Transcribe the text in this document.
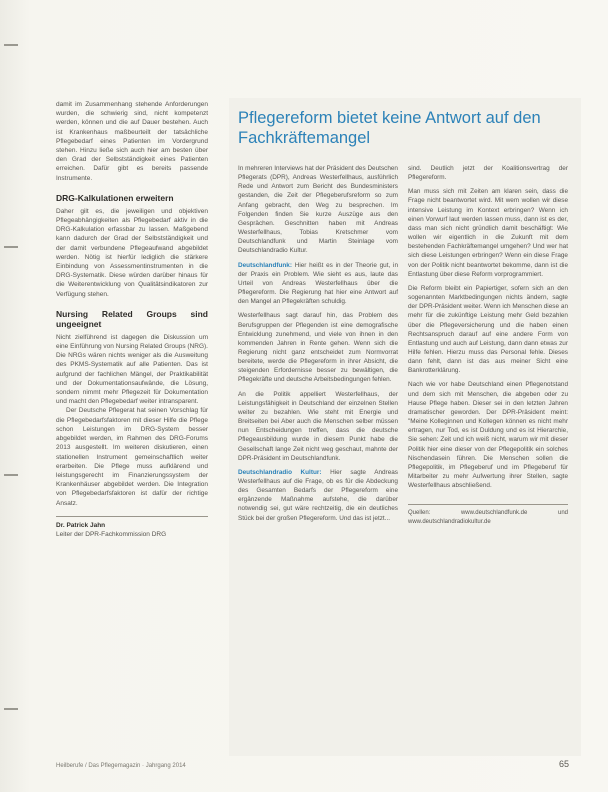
damit im Zusammenhang stehende Anforderungen wurden, die schwierig sind, nicht kompetenzt werden, können und die auf Dauer bestehen. Auch ist Krankenhaus maßbeurteilt der tatsächliche Pflegebedarf eines Patienten im Vordergrund stehen. Hinzu ließe sich auch hier am besten über den Grad der Selbstständigkeit eines Patienten erreichen. Dafür gibt es bereits passende Instrumente.

DRG-Kalkulationen erweitern

Daher gilt es, die jeweiligen und objektiven Pflegeabhängigkeiten als Pflegebedarf aktiv in die DRG-Kalkulation erfassbar zu lassen. Maßgebend kann dadurch der Grad der Selbstständigkeit und der damit verbundene Pflegeaufwand abgebildet werden. Nötig ist hierfür lediglich die stärkere Einbindung von Assessmentinstrumenten in die DRG-Systematik. Diese würden darüber hinaus für die Weiterentwicklung von Qualitätsindikatoren zur Verfügung stehen.

Nursing Related Groups sind ungeeignet

Nicht zielführend ist dagegen die Diskussion um eine Einführung von Nursing Related Groups (NRG). Die NRGs wären nichts weniger als die Ausweitung des PKMS-Systematik auf alle Patienten. Das ist aufgrund der fachlichen Mängel, der Praktikabilität und der Dokumentationsaufwände, die Lösung, sondern nimmt mehr Pflegezeit für Dokumentation und macht den Pflegebedarf weiter intransparent.

Der Deutsche Pflegerat hat seinen Vorschlag für die Pflegebedarfsfaktoren mit dieser Hilfe die Pflege schon Leistungen im DRG-System besser abgebildet werden, im Rahmen des DRG-Forums 2013 ausgestellt. Im weiteren diskutieren, einen stationellen Instrument gemeinschaftlich weiter erarbeiten. Die Pflege muss aufklärend und leistungsgerecht im Finanzierungssystem der Krankenhäuser abgebildet werden. Die Integration von Pflegebedarfsfaktoren ist dafür der richtige Ansatz.

Dr. Patrick Jahn
Leiter der DPR-Fachkommission DRG
Pflegereform bietet keine Antwort auf den Fachkräftemangel

In mehreren Interviews hat der Präsident des Deutschen Pflegerats (DPR), Andreas Westerfellhaus, ausführlich Rede und Antwort zum Bericht des Bundesministers gestanden, die Zeit der Pflegeberufsreform so zum Anfang gebracht, den Weg zu besprechen. Im Folgenden finden Sie kurze Auszüge aus den Gesprächen. Geschnitten haben mit Andreas Westerfellhaus, Tobias Kretschmer vom Deutschlandfunk und Martin Steinlage vom Deutschlandradio Kultur.

Deutschlandfunk: Hier heißt es in der Theorie gut, in der Praxis ein Problem. Wie sieht es aus, laute das Urteil von Andreas Westerfellhaus über die Pflegereform. Die Regierung hat hier eine Antwort auf den Mangel an Pflegekräften schuldig.

Westerfellhaus sagt darauf hin, das Problem des Berufsgruppen der Pflegenden ist eine demografische Entwicklung zunehmend, und viele von ihnen in den kommenden Jahren in Rente gehen. Wenn sich die Regierung nicht ganz entscheidet zum Normvorrat bereitete, werde die Pflegereform in ihrer Absicht, die steigenden Erfordernisse besser zu bewältigen, die Pflegekräfte und deutsche Arbeitsbedingungen fehlen.

An die Politik appelliert Westerfellhaus, der Leistungsfähigkeit in Deutschland der einzelnen Stellen weiter zu bezahlen. Wie steht mit Energie und Breitseiten bei Aber auch die Menschen selber müssen nun Entscheidungen treffen, dass die deutsche Pflegeausbildung wurde in diesem Punkt habe die Gesellschaft lange Zeit nicht weg geschaut, mahnte der DPR-Präsident im Deutschlandfunk.

Deutschlandradio Kultur: Hier sagte Andreas Westerfellhaus auf die Frage, ob es für die Abdeckung des Gesamten Bedarfs der Pflegereform eine ergänzende Maßnahme aufstehe, die darüber notwendig sei, gut wäre rechtzeitig, die ein deutliches Stück bei der großen Pflegereform. Und das ist jetzt...

sind. Deutlich jetzt der Koalitionsvertrag der Pflegereform.

Man muss sich mit Zeiten am klaren sein, dass die Frage nicht beantwortet wird. Mit wem wollen wir diese intensive Leistung im Kontext erbringen? Wenn ich einen Vorwurf laut werden lassen muss, dann ist es der, dass man sich nicht gründlich damit beschäftigt: Wie wollen wir eigentlich in die Zukunft mit dem bestehenden Fachkräftemangel umgehen? Und wer hat sich diese Leistungen erbringen? Wenn ein diese Frage von der Politik nicht beantwortet bekomme, dann ist die Entlastung über diese Reform vorprogrammiert.

Die Reform bleibt ein Papiertiger, sofern sich an den sogenannten Marktbedingungen nichts ändern, sagte der DPR-Präsident weiter. Wenn ich Menschen diese an mehr für die zukünftige Leistung mehr Geld bezahlen über die Pflegeversicherung und die haben einen Rechtsanspruch darauf auf eine andere Form von Entlastung und auch auf Leistung, dann dann etwas zur Hilfe fehlen. Hierzu muss das Personal fehle. Dieses dann fehlt, dann ist das aus meiner Sicht eine Bankrotterklärung.

Nach wie vor habe Deutschland einen Pflegenotstand und dem sich mit Menschen, die abgeben oder zu Hause Pflege haben. Dieser sei in den letzten Jahren dramatischer geworden. Der DPR-Präsident meint: "Meine Kolleginnen und Kollegen können es nicht mehr ertragen, nur Tod, es ist Duldung und es ist Hierarchie, Sie sehen: Zeit und ich weiß nicht, warum wir mit dieser Politik hier eine dieser von der Pflegepolitik ein solches Nischendasein führen. Die Menschen sollen die Pflegepolitik, im Pflegeberuf und im Pflegeberuf für Mitarbeiter zu mehr Aufwertung ihrer Stellen, sagte Westerfellhaus abschließend.

Quellen: www.deutschlandfunk.de und www.deutschlandradiokultur.de
Heilberufe / Das Pflegemagazin · Jahrgang 2014	65
